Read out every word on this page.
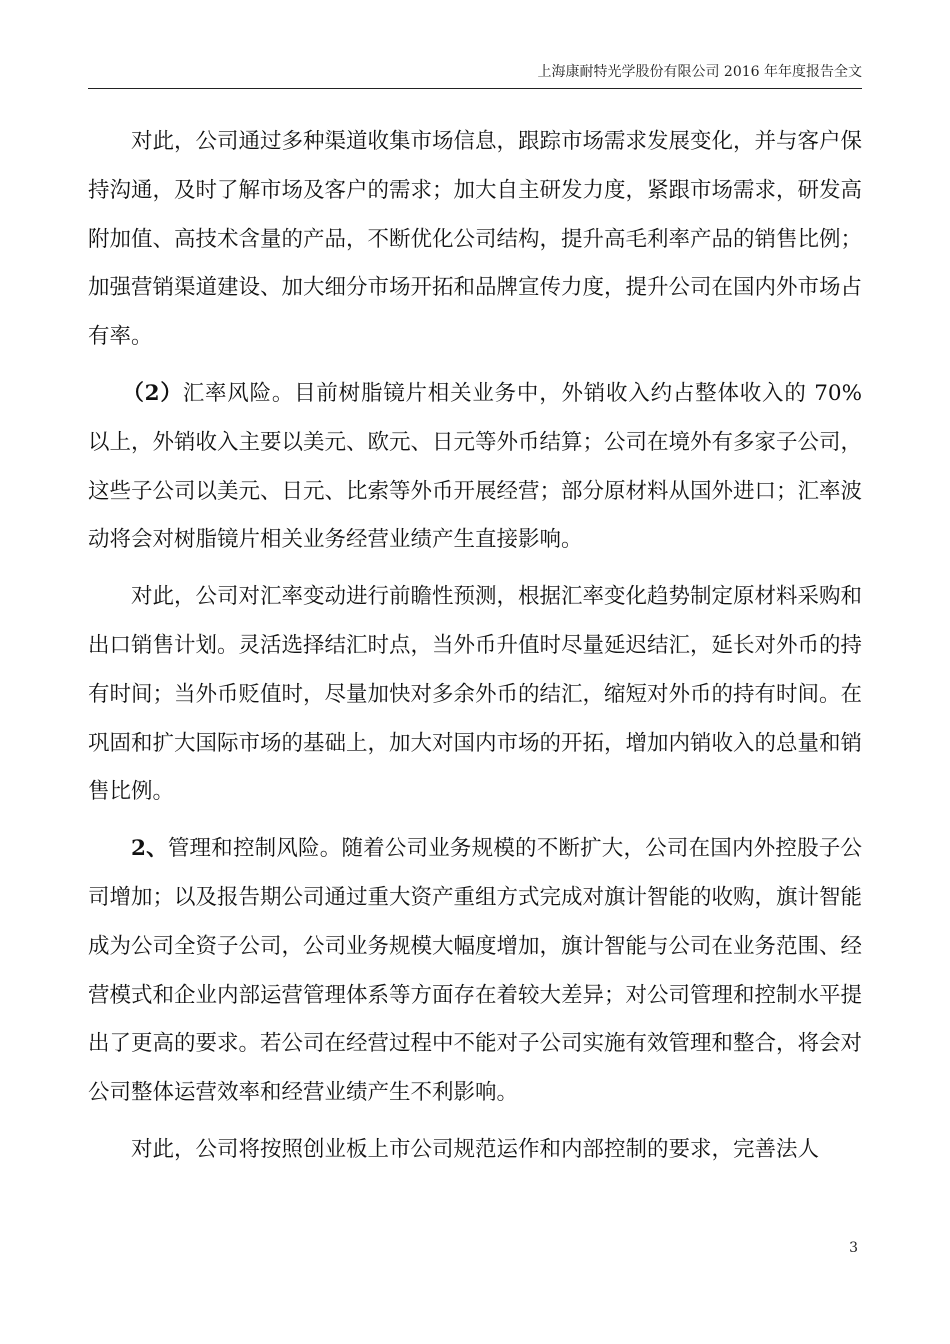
上海康耐特光学股份有限公司 2016 年年度报告全文

对此，公司通过多种渠道收集市场信息，跟踪市场需求发展变化，并与客户保持沟通，及时了解市场及客户的需求；加大自主研发力度，紧跟市场需求，研发高附加值、高技术含量的产品，不断优化公司结构，提升高毛利率产品的销售比例；加强营销渠道建设、加大细分市场开拓和品牌宣传力度，提升公司在国内外市场占有率。

（2）汇率风险。目前树脂镜片相关业务中，外销收入约占整体收入的 70% 以上，外销收入主要以美元、欧元、日元等外币结算；公司在境外有多家子公司，这些子公司以美元、日元、比索等外币开展经营；部分原材料从国外进口；汇率波动将会对树脂镜片相关业务经营业绩产生直接影响。

对此，公司对汇率变动进行前瞻性预测，根据汇率变化趋势制定原材料采购和出口销售计划。灵活选择结汇时点，当外币升值时尽量延迟结汇，延长对外币的持有时间；当外币贬值时，尽量加快对多余外币的结汇，缩短对外币的持有时间。在巩固和扩大国际市场的基础上，加大对国内市场的开拓，增加内销收入的总量和销售比例。

2、管理和控制风险。随着公司业务规模的不断扩大，公司在国内外控股子公司增加；以及报告期公司通过重大资产重组方式完成对旗计智能的收购，旗计智能成为公司全资子公司，公司业务规模大幅度增加，旗计智能与公司在业务范围、经营模式和企业内部运营管理体系等方面存在着较大差异；对公司管理和控制水平提出了更高的要求。若公司在经营过程中不能对子公司实施有效管理和整合，将会对公司整体运营效率和经营业绩产生不利影响。

对此，公司将按照创业板上市公司规范运作和内部控制的要求，完善法人

3
